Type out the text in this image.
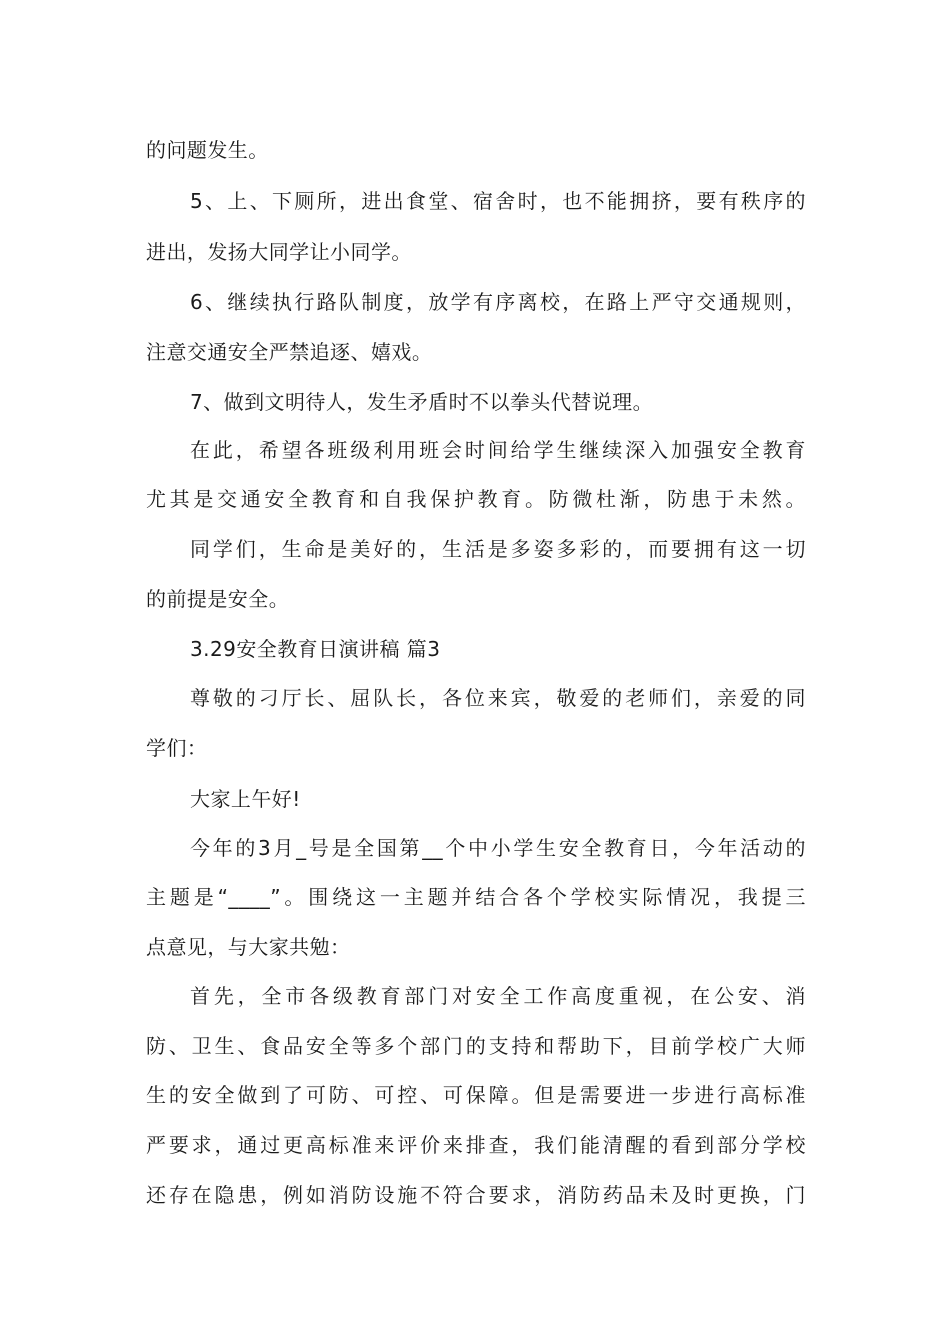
的问题发生。
5、上、下厕所，进出食堂、宿舍时，也不能拥挤，要有秩序的
进出，发扬大同学让小同学。
6、继续执行路队制度，放学有序离校，在路上严守交通规则，
注意交通安全严禁追逐、嬉戏。
7、做到文明待人，发生矛盾时不以拳头代替说理。
在此，希望各班级利用班会时间给学生继续深入加强安全教育
尤其是交通安全教育和自我保护教育。防微杜渐，防患于未然。
同学们，生命是美好的，生活是多姿多彩的，而要拥有这一切
的前提是安全。
3.29安全教育日演讲稿 篇3
尊敬的刁厅长、屈队长，各位来宾，敬爱的老师们，亲爱的同
学们：
大家上午好!
今年的3月_号是全国第__个中小学生安全教育日，今年活动的
主题是“____”。围绕这一主题并结合各个学校实际情况，我提三
点意见，与大家共勉：
首先，全市各级教育部门对安全工作高度重视，在公安、消
防、卫生、食品安全等多个部门的支持和帮助下，目前学校广大师
生的安全做到了可防、可控、可保障。但是需要进一步进行高标准
严要求，通过更高标准来评价来排查，我们能清醒的看到部分学校
还存在隐患，例如消防设施不符合要求，消防药品未及时更换，门
